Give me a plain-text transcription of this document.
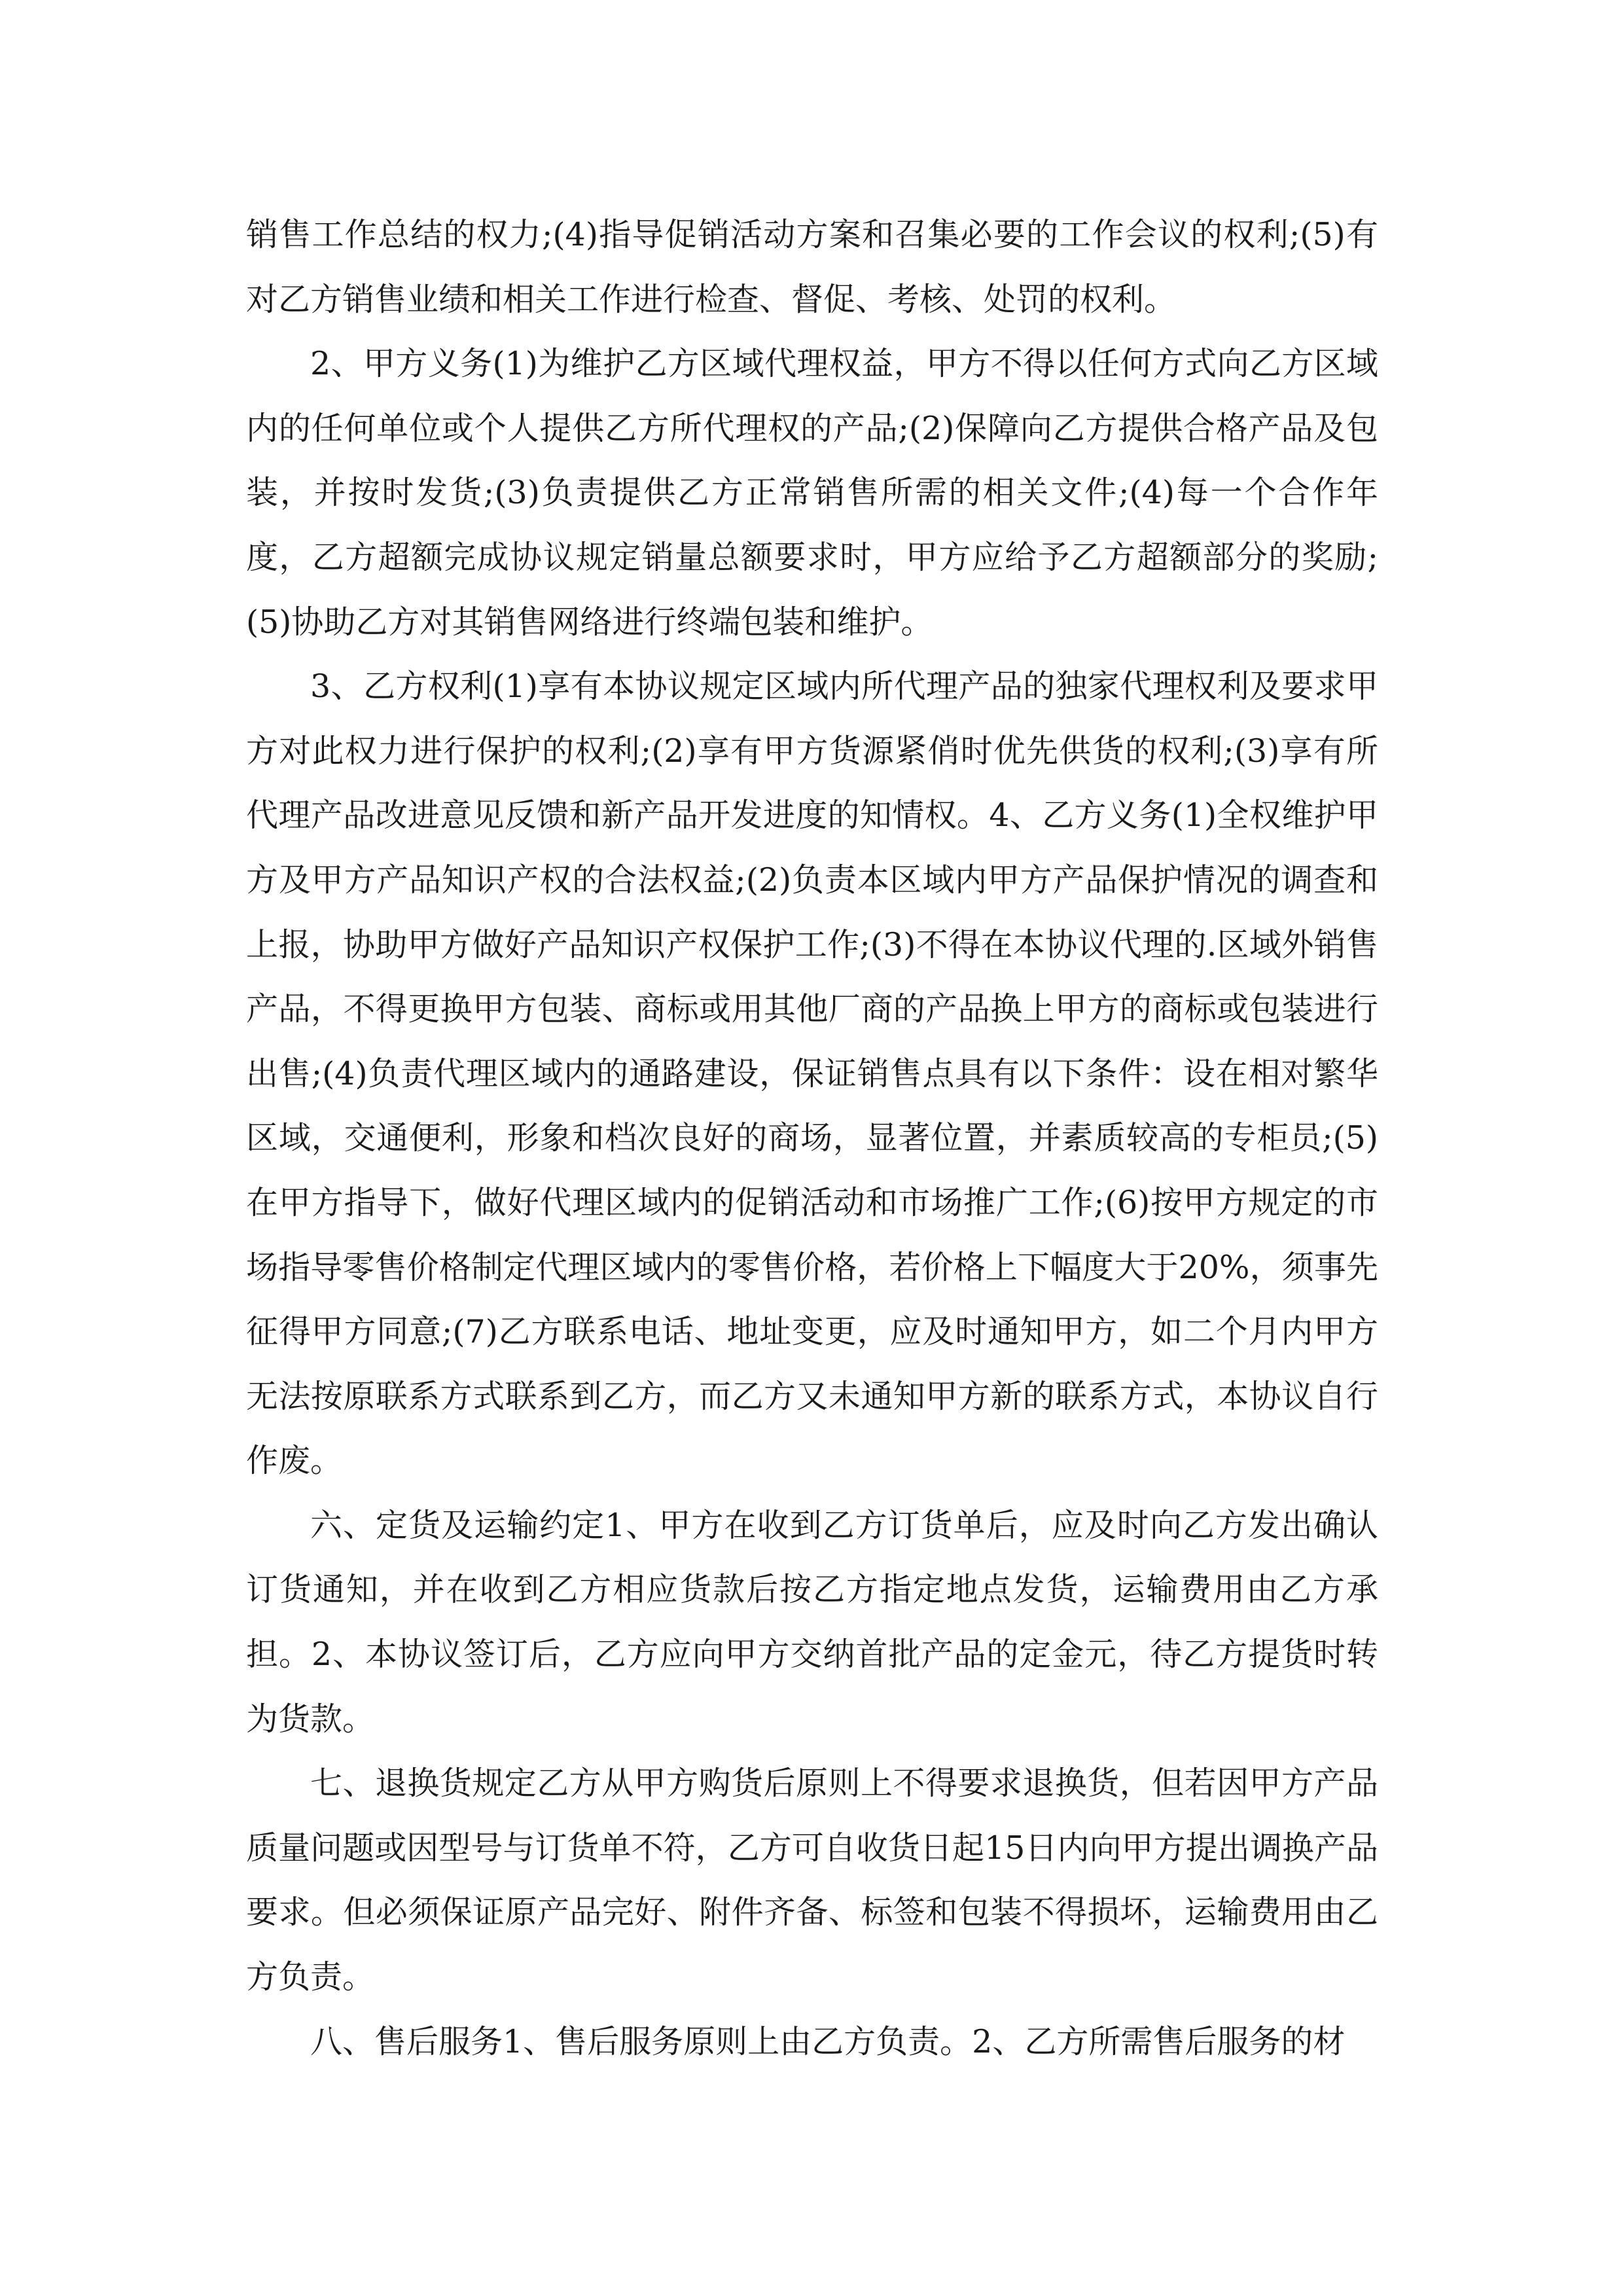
销售工作总结的权力;(4)指导促销活动方案和召集必要的工作会议的权利;(5)有对乙方销售业绩和相关工作进行检查、督促、考核、处罚的权利。

2、甲方义务(1)为维护乙方区域代理权益，甲方不得以任何方式向乙方区域内的任何单位或个人提供乙方所代理权的产品;(2)保障向乙方提供合格产品及包装，并按时发货;(3)负责提供乙方正常销售所需的相关文件;(4)每一个合作年度，乙方超额完成协议规定销量总额要求时，甲方应给予乙方超额部分的奖励;(5)协助乙方对其销售网络进行终端包装和维护。

3、乙方权利(1)享有本协议规定区域内所代理产品的独家代理权利及要求甲方对此权力进行保护的权利;(2)享有甲方货源紧俏时优先供货的权利;(3)享有所代理产品改进意见反馈和新产品开发进度的知情权。4、乙方义务(1)全权维护甲方及甲方产品知识产权的合法权益;(2)负责本区域内甲方产品保护情况的调查和上报，协助甲方做好产品知识产权保护工作;(3)不得在本协议代理的.区域外销售产品，不得更换甲方包装、商标或用其他厂商的产品换上甲方的商标或包装进行出售;(4)负责代理区域内的通路建设，保证销售点具有以下条件：设在相对繁华区域，交通便利，形象和档次良好的商场，显著位置，并素质较高的专柜员;(5)在甲方指导下，做好代理区域内的促销活动和市场推广工作;(6)按甲方规定的市场指导零售价格制定代理区域内的零售价格，若价格上下幅度大于20%，须事先征得甲方同意;(7)乙方联系电话、地址变更，应及时通知甲方，如二个月内甲方无法按原联系方式联系到乙方，而乙方又未通知甲方新的联系方式，本协议自行作废。

六、定货及运输约定1、甲方在收到乙方订货单后，应及时向乙方发出确认订货通知，并在收到乙方相应货款后按乙方指定地点发货，运输费用由乙方承担。2、本协议签订后，乙方应向甲方交纳首批产品的定金元，待乙方提货时转为货款。

七、退换货规定乙方从甲方购货后原则上不得要求退换货，但若因甲方产品质量问题或因型号与订货单不符，乙方可自收货日起15日内向甲方提出调换产品要求。但必须保证原产品完好、附件齐备、标签和包装不得损坏，运输费用由乙方负责。

八、售后服务1、售后服务原则上由乙方负责。2、乙方所需售后服务的材
